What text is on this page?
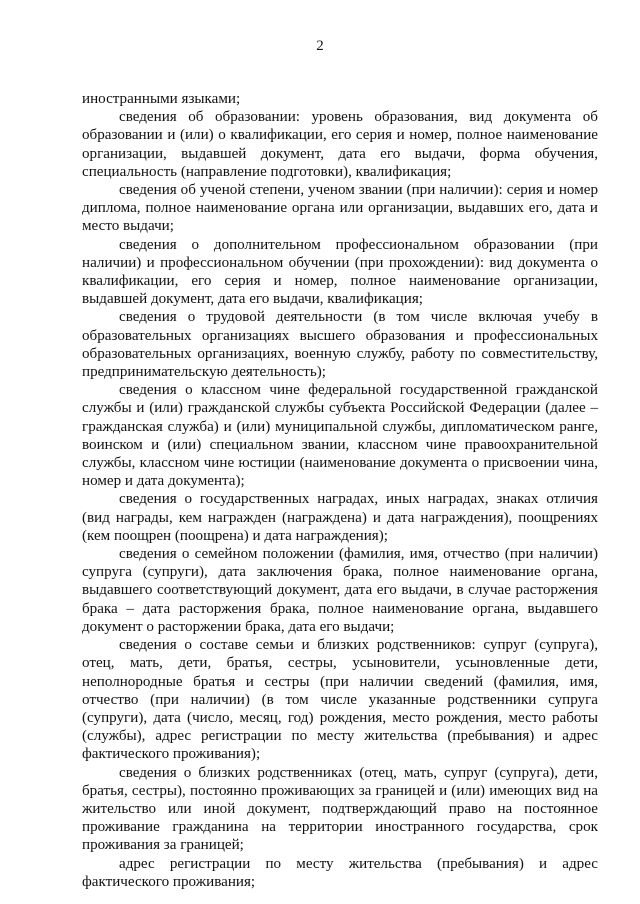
2

иностранными языками;

сведения об образовании: уровень образования, вид документа об образовании и (или) о квалификации, его серия и номер, полное наименование организации, выдавшей документ, дата его выдачи, форма обучения, специальность (направление подготовки), квалификация;

сведения об ученой степени, ученом звании (при наличии): серия и номер диплома, полное наименование органа или организации, выдавших его, дата и место выдачи;

сведения о дополнительном профессиональном образовании (при наличии) и профессиональном обучении (при прохождении): вид документа о квалификации, его серия и номер, полное наименование организации, выдавшей документ, дата его выдачи, квалификация;

сведения о трудовой деятельности (в том числе включая учебу в образовательных организациях высшего образования и профессиональных образовательных организациях, военную службу, работу по совместительству, предпринимательскую деятельность);

сведения о классном чине федеральной государственной гражданской службы и (или) гражданской службы субъекта Российской Федерации (далее – гражданская служба) и (или) муниципальной службы, дипломатическом ранге, воинском и (или) специальном звании, классном чине правоохранительной службы, классном чине юстиции (наименование документа о присвоении чина, номер и дата документа);

сведения о государственных наградах, иных наградах, знаках отличия (вид награды, кем награжден (награждена) и дата награждения), поощрениях (кем поощрен (поощрена) и дата награждения);

сведения о семейном положении (фамилия, имя, отчество (при наличии) супруга (супруги), дата заключения брака, полное наименование органа, выдавшего соответствующий документ, дата его выдачи, в случае расторжения брака – дата расторжения брака, полное наименование органа, выдавшего документ о расторжении брака, дата его выдачи;

сведения о составе семьи и близких родственников: супруг (супруга), отец, мать, дети, братья, сестры, усыновители, усыновленные дети, неполнородные братья и сестры (при наличии сведений (фамилия, имя, отчество (при наличии) (в том числе указанные родственники супруга (супруги), дата (число, месяц, год) рождения, место рождения, место работы (службы), адрес регистрации по месту жительства (пребывания) и адрес фактического проживания);

сведения о близких родственниках (отец, мать, супруг (супруга), дети, братья, сестры), постоянно проживающих за границей и (или) имеющих вид на жительство или иной документ, подтверждающий право на постоянное проживание гражданина на территории иностранного государства, срок проживания за границей;

адрес регистрации по месту жительства (пребывания) и адрес фактического проживания;
